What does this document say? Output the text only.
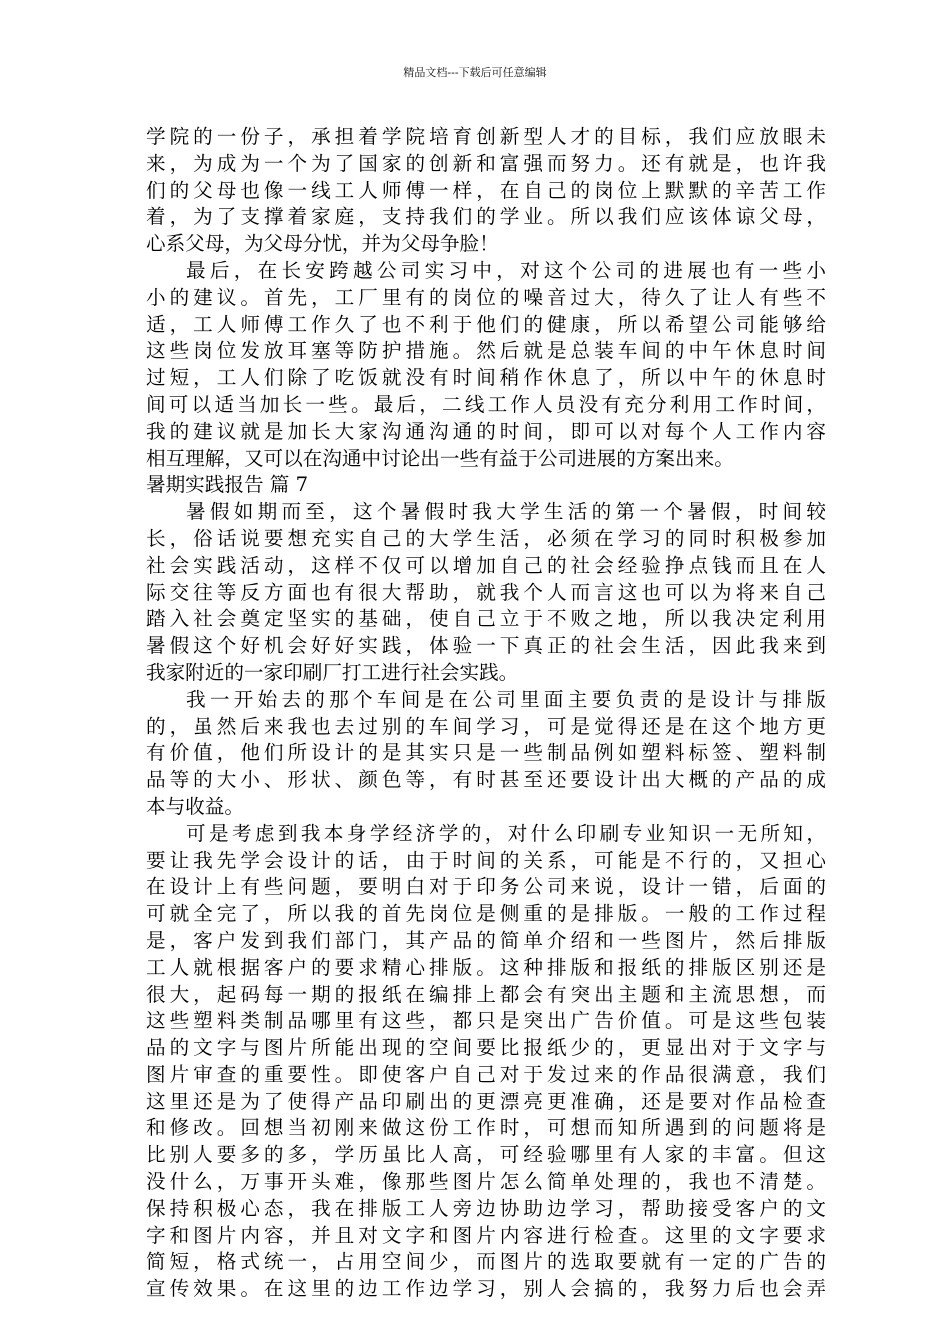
精品文档---下载后可任意编辑
学院的一份子，承担着学院培育创新型人才的目标，我们应放眼未
来，为成为一个为了国家的创新和富强而努力。还有就是，也许我
们的父母也像一线工人师傅一样，在自己的岗位上默默的辛苦工作
着，为了支撑着家庭，支持我们的学业。所以我们应该体谅父母，
心系父母，为父母分忧，并为父母争脸！
最后，在长安跨越公司实习中，对这个公司的进展也有一些小
小的建议。首先，工厂里有的岗位的噪音过大，待久了让人有些不
适，工人师傅工作久了也不利于他们的健康，所以希望公司能够给
这些岗位发放耳塞等防护措施。然后就是总装车间的中午休息时间
过短，工人们除了吃饭就没有时间稍作休息了，所以中午的休息时
间可以适当加长一些。最后，二线工作人员没有充分利用工作时间，
我的建议就是加长大家沟通沟通的时间，即可以对每个人工作内容
相互理解，又可以在沟通中讨论出一些有益于公司进展的方案出来。
暑期实践报告 篇 7
暑假如期而至，这个暑假时我大学生活的第一个暑假，时间较
长，俗话说要想充实自己的大学生活，必须在学习的同时积极参加
社会实践活动，这样不仅可以增加自己的社会经验挣点钱而且在人
际交往等反方面也有很大帮助，就我个人而言这也可以为将来自己
踏入社会奠定坚实的基础，使自己立于不败之地，所以我决定利用
暑假这个好机会好好实践，体验一下真正的社会生活，因此我来到
我家附近的一家印刷厂打工进行社会实践。
我一开始去的那个车间是在公司里面主要负责的是设计与排版
的，虽然后来我也去过别的车间学习，可是觉得还是在这个地方更
有价值，他们所设计的是其实只是一些制品例如塑料标签、塑料制
品等的大小、形状、颜色等，有时甚至还要设计出大概的产品的成
本与收益。
可是考虑到我本身学经济学的，对什么印刷专业知识一无所知，
要让我先学会设计的话，由于时间的关系，可能是不行的，又担心
在设计上有些问题，要明白对于印务公司来说，设计一错，后面的
可就全完了，所以我的首先岗位是侧重的是排版。一般的工作过程
是，客户发到我们部门，其产品的简单介绍和一些图片，然后排版
工人就根据客户的要求精心排版。这种排版和报纸的排版区别还是
很大，起码每一期的报纸在编排上都会有突出主题和主流思想，而
这些塑料类制品哪里有这些，都只是突出广告价值。可是这些包装
品的文字与图片所能出现的空间要比报纸少的，更显出对于文字与
图片审查的重要性。即使客户自己对于发过来的作品很满意，我们
这里还是为了使得产品印刷出的更漂亮更准确，还是要对作品检查
和修改。回想当初刚来做这份工作时，可想而知所遇到的问题将是
比别人要多的多，学历虽比人高，可经验哪里有人家的丰富。但这
没什么，万事开头难，像那些图片怎么简单处理的，我也不清楚。
保持积极心态，我在排版工人旁边协助边学习，帮助接受客户的文
字和图片内容，并且对文字和图片内容进行检查。这里的文字要求
简短，格式统一，占用空间少，而图片的选取要就有一定的广告的
宣传效果。在这里的边工作边学习，别人会搞的，我努力后也会弄
